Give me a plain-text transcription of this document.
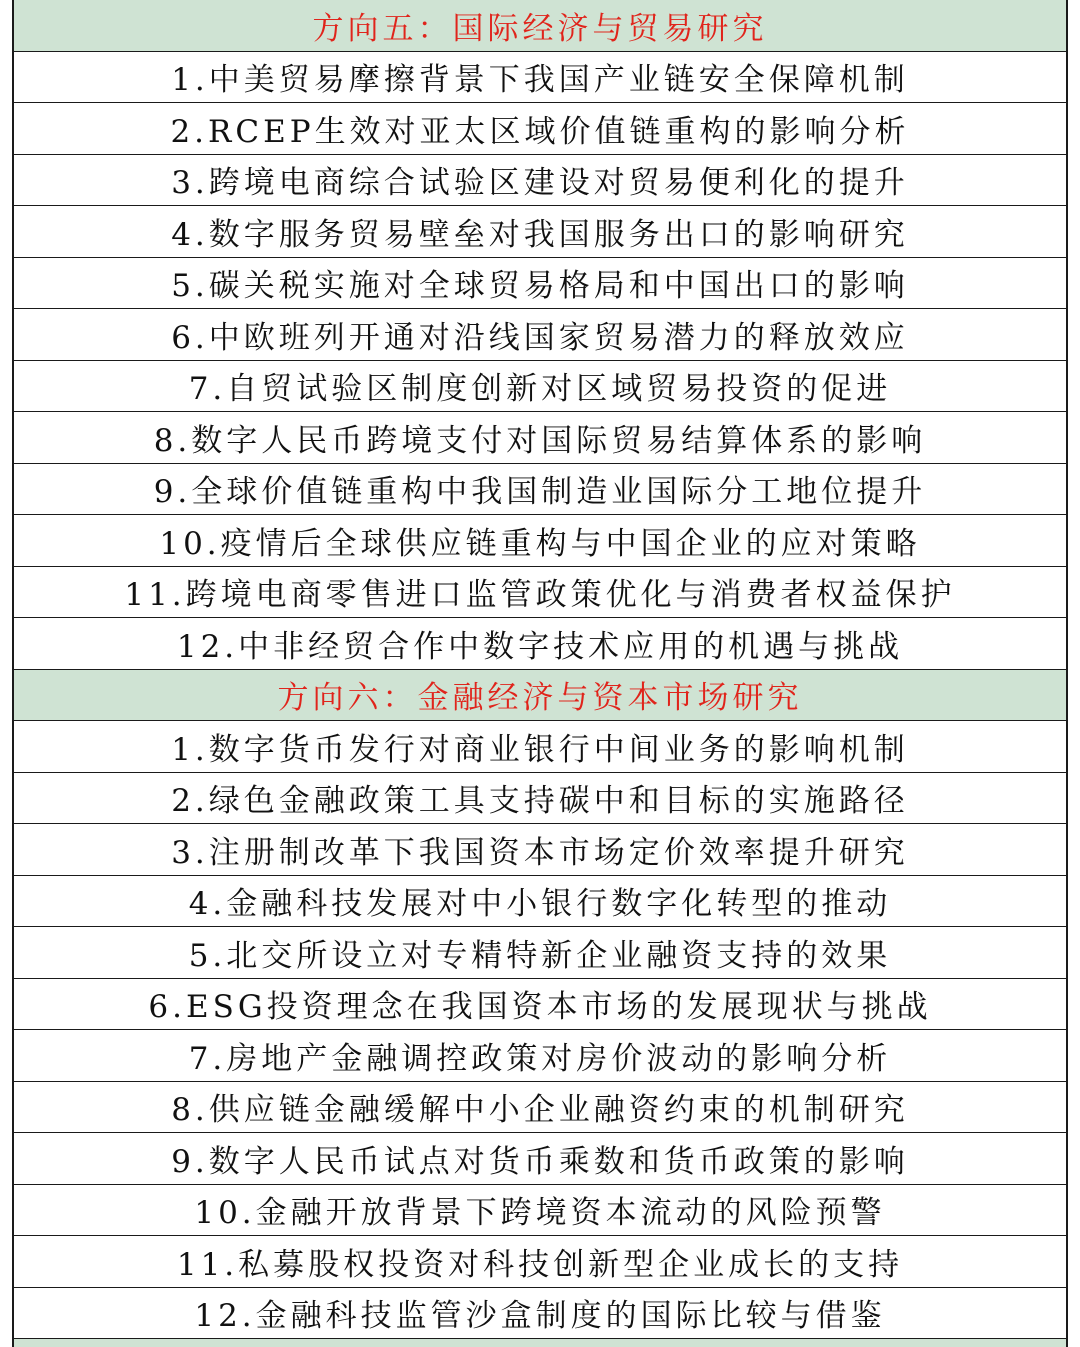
方向五：国际经济与贸易研究
1.中美贸易摩擦背景下我国产业链安全保障机制
2.RCEP生效对亚太区域价值链重构的影响分析
3.跨境电商综合试验区建设对贸易便利化的提升
4.数字服务贸易壁垒对我国服务出口的影响研究
5.碳关税实施对全球贸易格局和中国出口的影响
6.中欧班列开通对沿线国家贸易潜力的释放效应
7.自贸试验区制度创新对区域贸易投资的促进
8.数字人民币跨境支付对国际贸易结算体系的影响
9.全球价值链重构中我国制造业国际分工地位提升
10.疫情后全球供应链重构与中国企业的应对策略
11.跨境电商零售进口监管政策优化与消费者权益保护
12.中非经贸合作中数字技术应用的机遇与挑战
方向六：金融经济与资本市场研究
1.数字货币发行对商业银行中间业务的影响机制
2.绿色金融政策工具支持碳中和目标的实施路径
3.注册制改革下我国资本市场定价效率提升研究
4.金融科技发展对中小银行数字化转型的推动
5.北交所设立对专精特新企业融资支持的效果
6.ESG投资理念在我国资本市场的发展现状与挑战
7.房地产金融调控政策对房价波动的影响分析
8.供应链金融缓解中小企业融资约束的机制研究
9.数字人民币试点对货币乘数和货币政策的影响
10.金融开放背景下跨境资本流动的风险预警
11.私募股权投资对科技创新型企业成长的支持
12.金融科技监管沙盒制度的国际比较与借鉴
